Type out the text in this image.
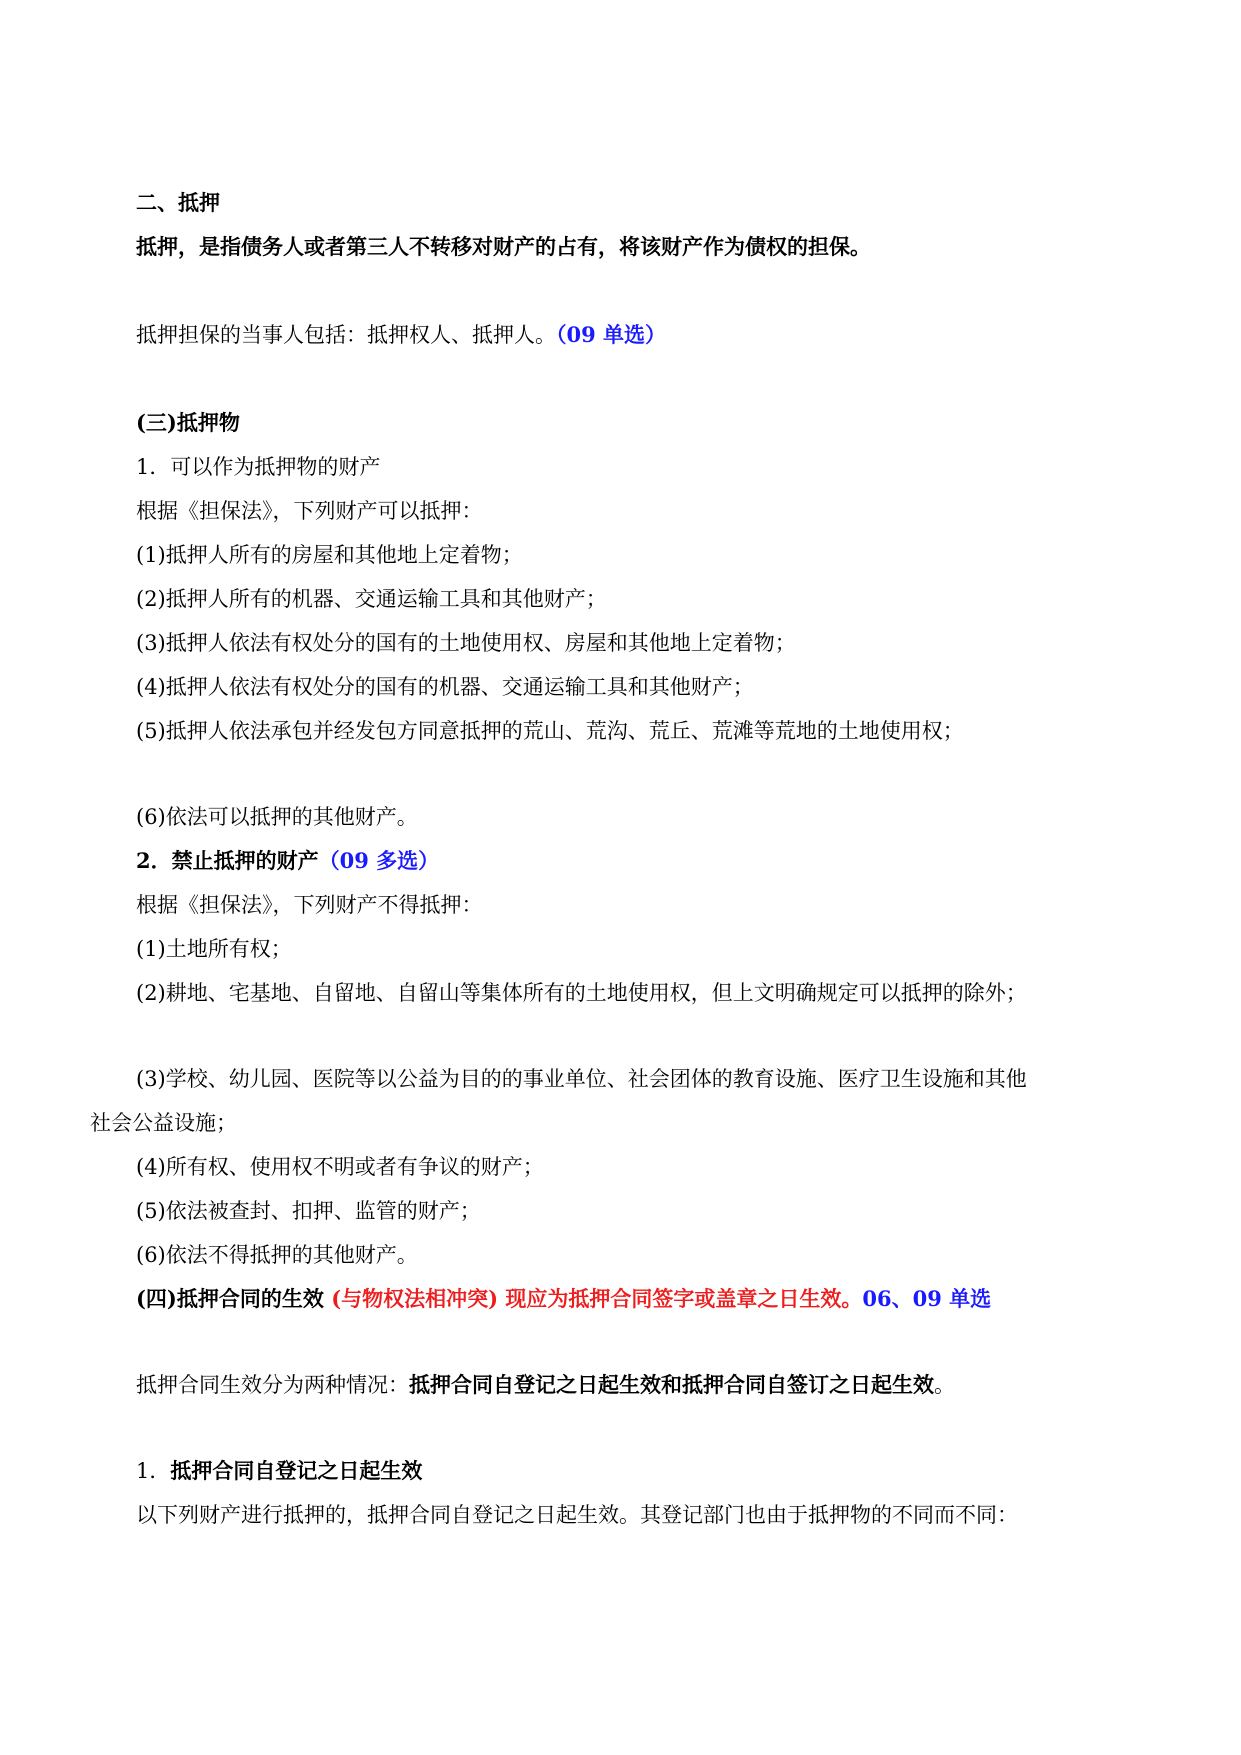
二、抵押
抵押，是指债务人或者第三人不转移对财产的占有，将该财产作为债权的担保。
抵押担保的当事人包括：抵押权人、抵押人。（09 单选）
(三)抵押物
1．可以作为抵押物的财产
根据《担保法》，下列财产可以抵押：
(1)抵押人所有的房屋和其他地上定着物；
(2)抵押人所有的机器、交通运输工具和其他财产；
(3)抵押人依法有权处分的国有的土地使用权、房屋和其他地上定着物；
(4)抵押人依法有权处分的国有的机器、交通运输工具和其他财产；
(5)抵押人依法承包并经发包方同意抵押的荒山、荒沟、荒丘、荒滩等荒地的土地使用权；
(6)依法可以抵押的其他财产。
2．禁止抵押的财产（09 多选）
根据《担保法》，下列财产不得抵押：
(1)土地所有权；
(2)耕地、宅基地、自留地、自留山等集体所有的土地使用权，但上文明确规定可以抵押的除外；
(3)学校、幼儿园、医院等以公益为目的的事业单位、社会团体的教育设施、医疗卫生设施和其他
社会公益设施；
(4)所有权、使用权不明或者有争议的财产；
(5)依法被查封、扣押、监管的财产；
(6)依法不得抵押的其他财产。
(四)抵押合同的生效 (与物权法相冲突) 现应为抵押合同签字或盖章之日生效。06、09 单选
抵押合同生效分为两种情况：抵押合同自登记之日起生效和抵押合同自签订之日起生效。
1．抵押合同自登记之日起生效
以下列财产进行抵押的，抵押合同自登记之日起生效。其登记部门也由于抵押物的不同而不同：
